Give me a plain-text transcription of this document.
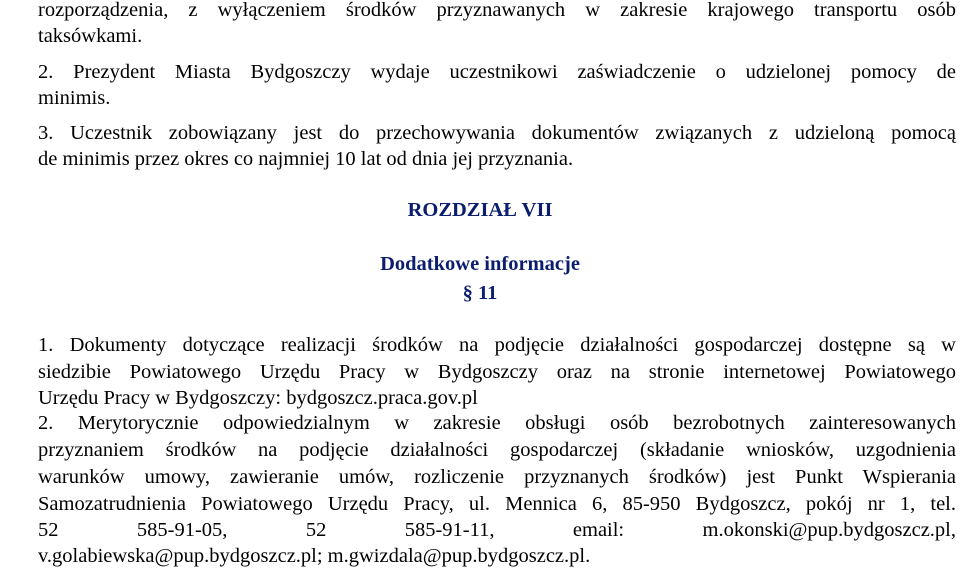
rozporządzenia, z wyłączeniem środków przyznawanych w zakresie krajowego transportu osób
taksówkami.
2. Prezydent Miasta Bydgoszczy wydaje uczestnikowi zaświadczenie o udzielonej pomocy de
minimis.
3. Uczestnik zobowiązany jest do przechowywania dokumentów związanych z udzieloną pomocą
de minimis przez okres co najmniej 10 lat od dnia jej przyznania.
ROZDZIAŁ VII
Dodatkowe informacje
§ 11
1. Dokumenty dotyczące realizacji środków na podjęcie działalności gospodarczej dostępne są w
siedzibie Powiatowego Urzędu Pracy w Bydgoszczy oraz na stronie internetowej Powiatowego
Urzędu Pracy w Bydgoszczy: bydgoszcz.praca.gov.pl
2. Merytorycznie odpowiedzialnym w zakresie obsługi osób bezrobotnych zainteresowanych
przyznaniem środków na podjęcie działalności gospodarczej (składanie wniosków, uzgodnienia
warunków umowy, zawieranie umów, rozliczenie przyznanych środków) jest Punkt Wspierania
Samozatrudnienia Powiatowego Urzędu Pracy, ul. Mennica 6, 85-950 Bydgoszcz, pokój nr 1, tel.
52 585-91-05, 52 585-91-11, email: m.okonski@pup.bydgoszcz.pl,
v.golabiewska@pup.bydgoszcz.pl; m.gwizdala@pup.bydgoszcz.pl.
